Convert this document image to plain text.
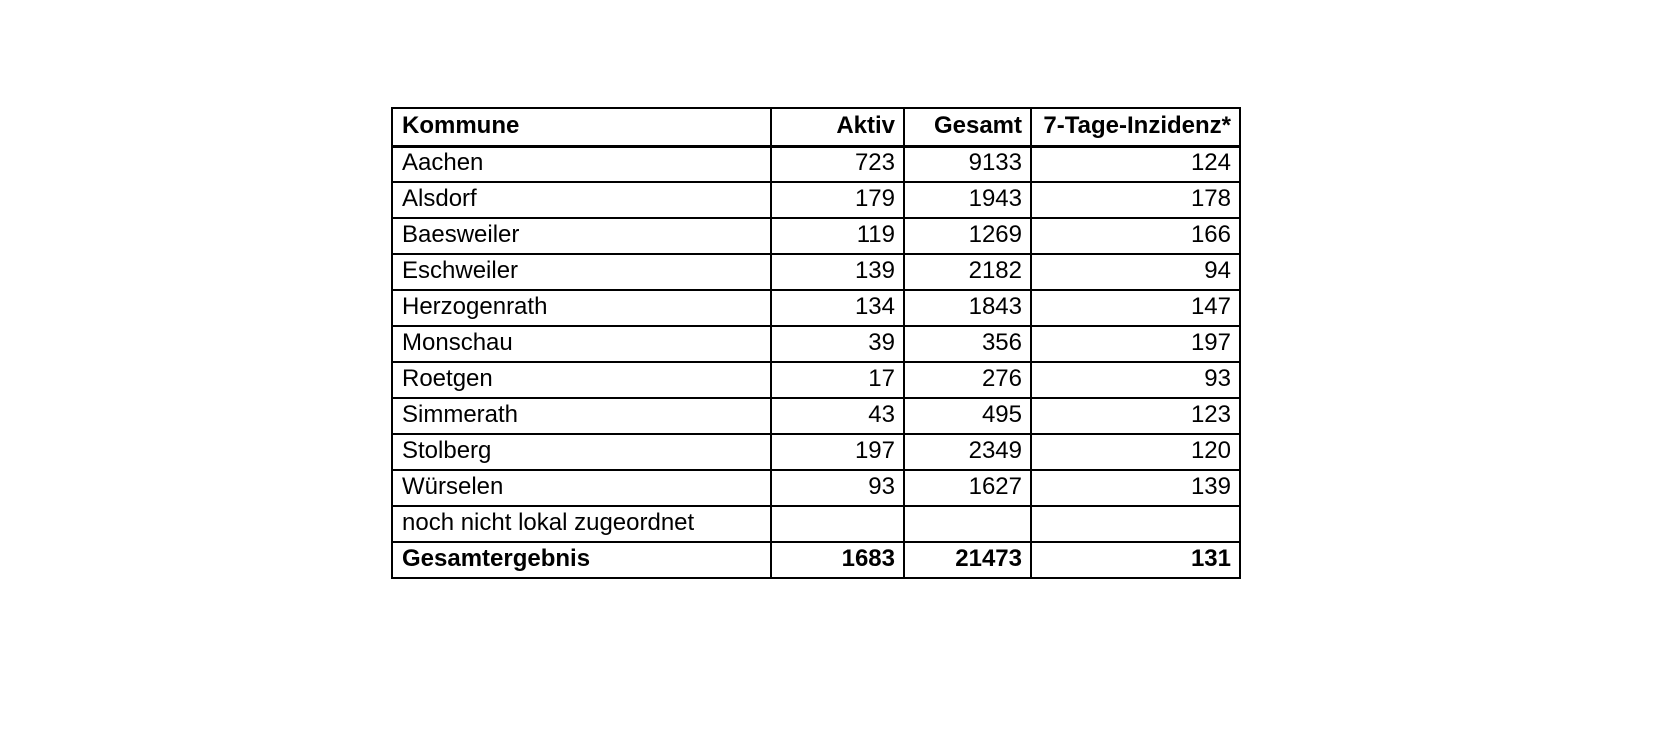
Kommune	Aktiv	Gesamt	7-Tage-Inzidenz*
Aachen	723	9133	124
Alsdorf	179	1943	178
Baesweiler	119	1269	166
Eschweiler	139	2182	94
Herzogenrath	134	1843	147
Monschau	39	356	197
Roetgen	17	276	93
Simmerath	43	495	123
Stolberg	197	2349	120
Würselen	93	1627	139
noch nicht lokal zugeordnet			
Gesamtergebnis	1683	21473	131
